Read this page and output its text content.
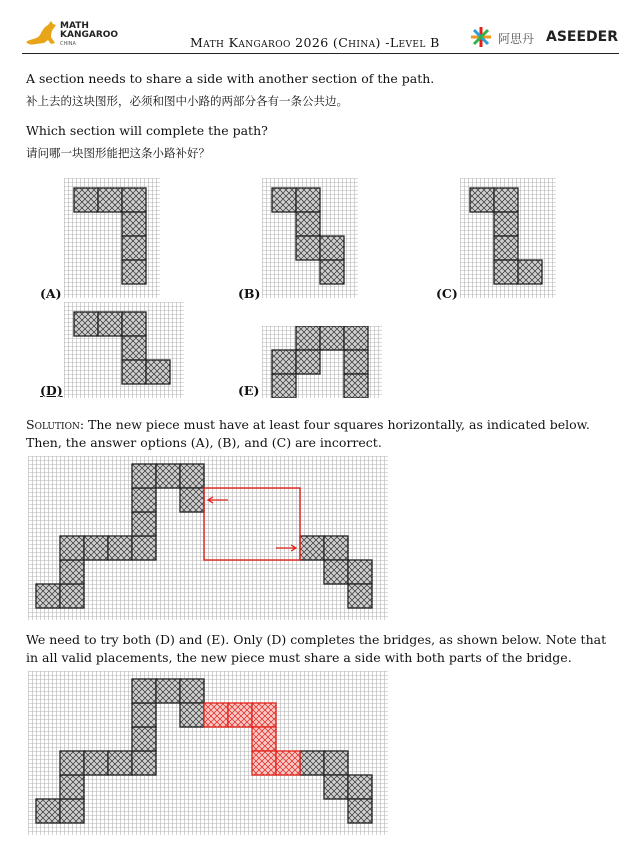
MATH
KANGAROO
CHINA	Math Kangaroo 2026 (China) -Level B	阿思丹 ASEEDER
A section needs to share a side with another section of the path.
补上去的这块图形，必须和图中小路的两部分各有一条公共边。
Which section will complete the path?
请问哪一块图形能把这条小路补好？
(A)	(B)	(C)
(D)	(E)
Solution: The new piece must have at least four squares horizontally, as indicated below. Then, the answer options (A), (B), and (C) are incorrect.
We need to try both (D) and (E). Only (D) completes the bridges, as shown below. Note that in all valid placements, the new piece must share a side with both parts of the bridge.
